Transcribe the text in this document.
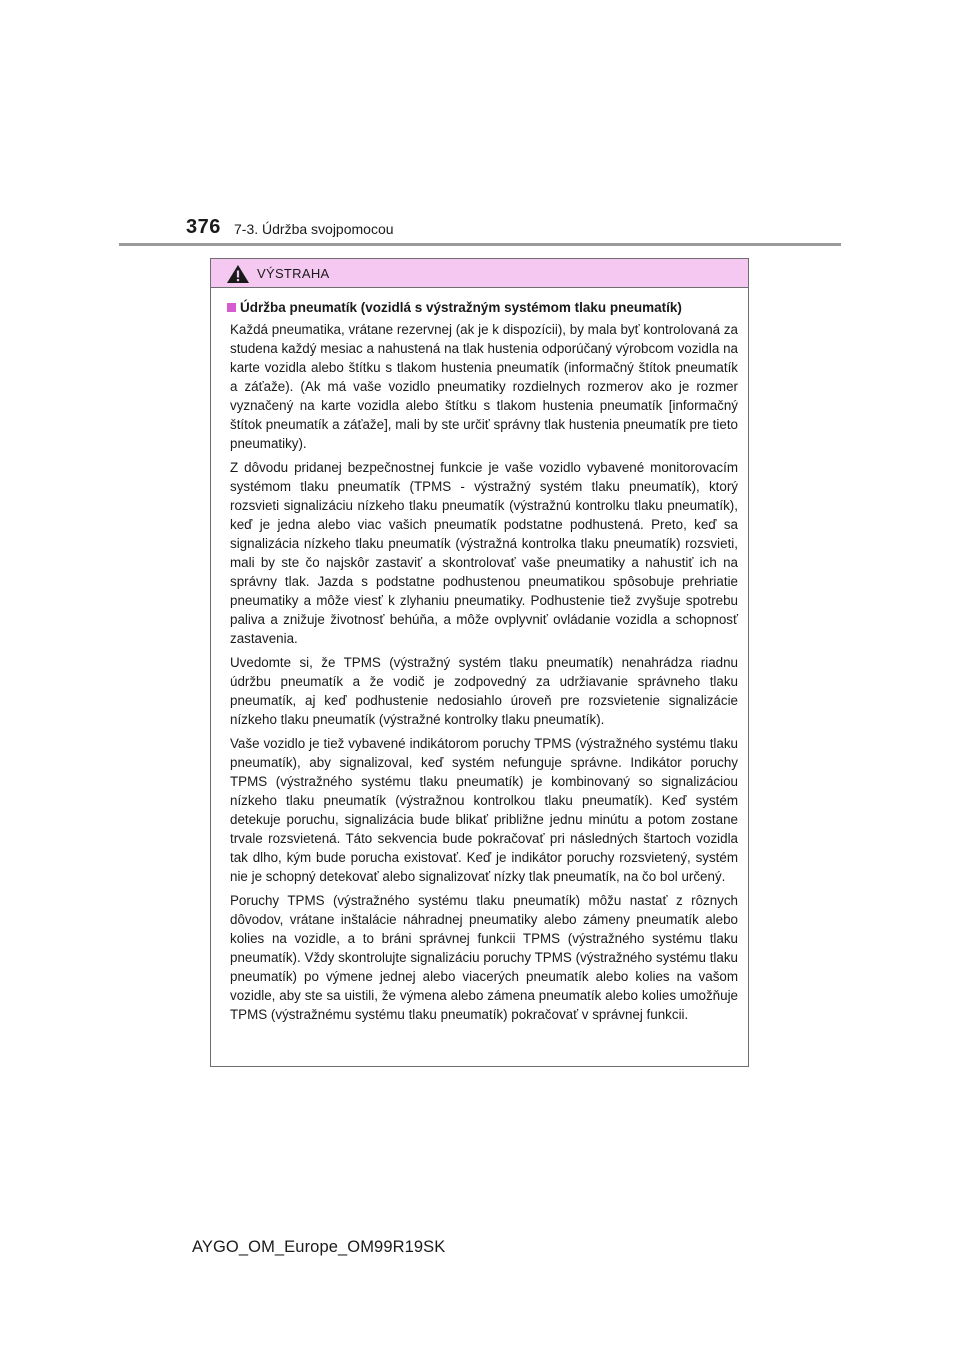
376 7-3. Údržba svojpomocou
VÝSTRAHA
Údržba pneumatík (vozidlá s výstražným systémom tlaku pneumatík)

Každá pneumatika, vrátane rezervnej (ak je k dispozícii), by mala byť kontrolovaná za studena každý mesiac a nahustená na tlak hustenia odporúčaný výrobcom vozidla na karte vozidla alebo štítku s tlakom hustenia pneumatík (informačný štítok pneumatík a záťaže). (Ak má vaše vozidlo pneumatiky rozdielnych rozmerov ako je rozmer vyznačený na karte vozidla alebo štítku s tlakom hustenia pneumatík [informačný štítok pneumatík a záťaže], mali by ste určiť správny tlak hustenia pneumatík pre tieto pneumatiky).

Z dôvodu pridanej bezpečnostnej funkcie je vaše vozidlo vybavené monitorovacím systémom tlaku pneumatík (TPMS - výstražný systém tlaku pneumatík), ktorý rozsvieti signalizáciu nízkeho tlaku pneumatík (výstražnú kontrolku tlaku pneumatík), keď je jedna alebo viac vašich pneumatík podstatne podhustená. Preto, keď sa signalizácia nízkeho tlaku pneumatík (výstražná kontrolka tlaku pneumatík) rozsvieti, mali by ste čo najskôr zastaviť a skontrolovať vaše pneumatiky a nahustiť ich na správny tlak. Jazda s podstatne podhustenou pneumatikou spôsobuje prehriatie pneumatiky a môže viesť k zlyhaniu pneumatiky. Podhustenie tiež zvyšuje spotrebu paliva a znižuje životnosť behúňa, a môže ovplyvniť ovládanie vozidla a schopnosť zastavenia.

Uvedomte si, že TPMS (výstražný systém tlaku pneumatík) nenahrádza riadnu údržbu pneumatík a že vodič je zodpovedný za udržiavanie správneho tlaku pneumatík, aj keď podhustenie nedosiahlo úroveň pre rozsvietenie signalizácie nízkeho tlaku pneumatík (výstražné kontrolky tlaku pneumatík).

Vaše vozidlo je tiež vybavené indikátorom poruchy TPMS (výstražného systému tlaku pneumatík), aby signalizoval, keď systém nefunguje správne. Indikátor poruchy TPMS (výstražného systému tlaku pneumatík) je kombinovaný so signalizáciou nízkeho tlaku pneumatík (výstražnou kontrolkou tlaku pneumatík). Keď systém detekuje poruchu, signalizácia bude blikať približne jednu minútu a potom zostane trvale rozsvietená. Táto sekvencia bude pokračovať pri následných štartoch vozidla tak dlho, kým bude porucha existovať. Keď je indikátor poruchy rozsvietený, systém nie je schopný detekovať alebo signalizovať nízky tlak pneumatík, na čo bol určený.

Poruchy TPMS (výstražného systému tlaku pneumatík) môžu nastať z rôznych dôvodov, vrátane inštalácie náhradnej pneumatiky alebo zámeny pneumatík alebo kolies na vozidle, a to bráni správnej funkcii TPMS (výstražného systému tlaku pneumatík). Vždy skontrolujte signalizáciu poruchy TPMS (výstražného systému tlaku pneumatík) po výmene jednej alebo viacerých pneumatík alebo kolies na vašom vozidle, aby ste sa uistili, že výmena alebo zámena pneumatík alebo kolies umožňuje TPMS (výstražnému systému tlaku pneumatík) pokračovať v správnej funkcii.

AYGO_OM_Europe_OM99R19SK
